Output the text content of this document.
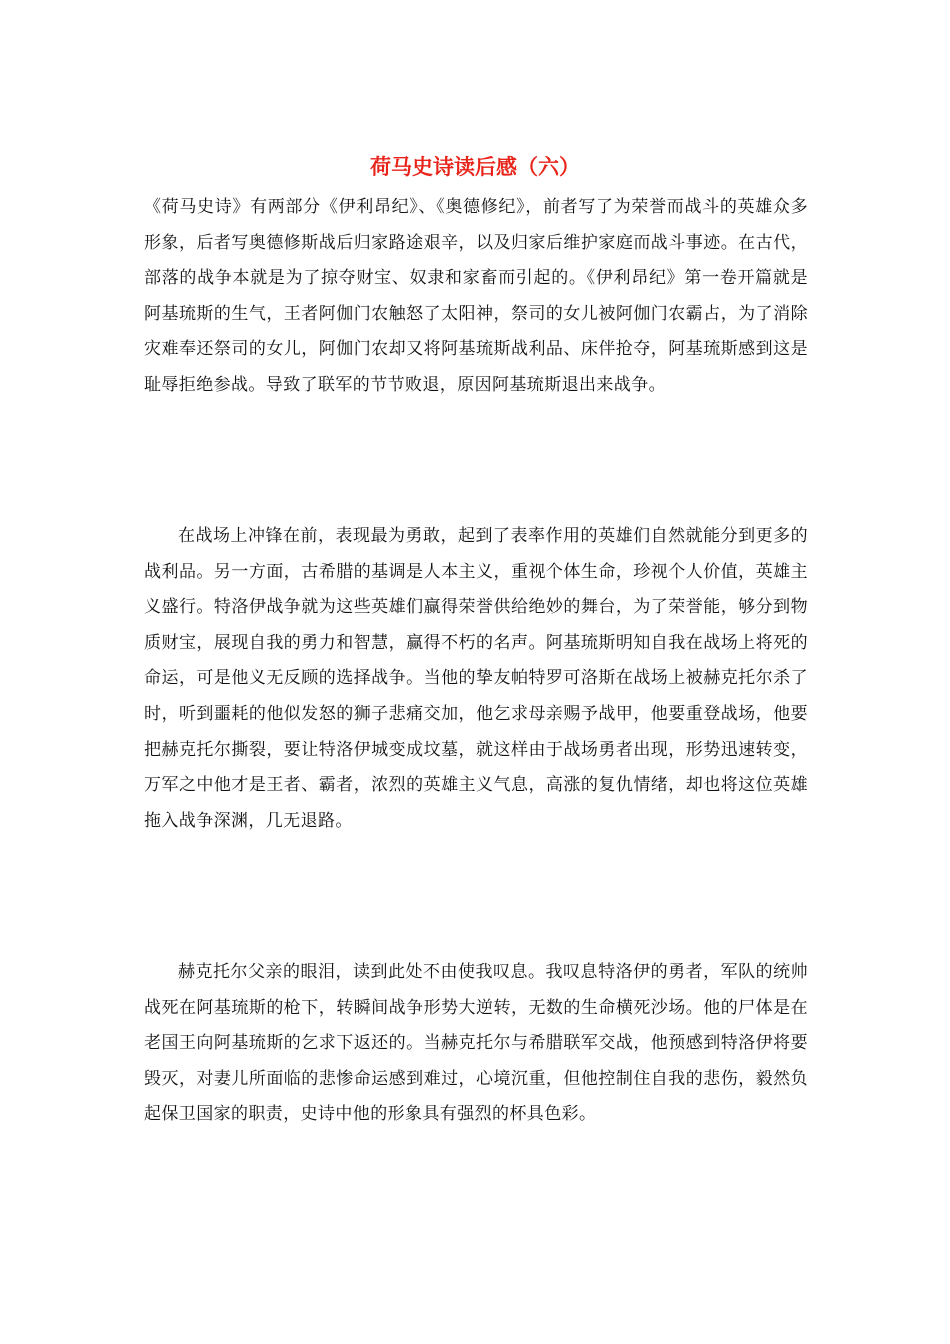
荷马史诗读后感（六）

《荷马史诗》有两部分《伊利昂纪》、《奥德修纪》，前者写了为荣誉而战斗的英雄众多形象，后者写奥德修斯战后归家路途艰辛，以及归家后维护家庭而战斗事迹。在古代，部落的战争本就是为了掠夺财宝、奴隶和家畜而引起的。《伊利昂纪》第一卷开篇就是阿基琉斯的生气，王者阿伽门农触怒了太阳神，祭司的女儿被阿伽门农霸占，为了消除灾难奉还祭司的女儿，阿伽门农却又将阿基琉斯战利品、床伴抢夺，阿基琉斯感到这是耻辱拒绝参战。导致了联军的节节败退，原因阿基琉斯退出来战争。

在战场上冲锋在前，表现最为勇敢，起到了表率作用的英雄们自然就能分到更多的战利品。另一方面，古希腊的基调是人本主义，重视个体生命，珍视个人价值，英雄主义盛行。特洛伊战争就为这些英雄们赢得荣誉供给绝妙的舞台，为了荣誉能，够分到物质财宝，展现自我的勇力和智慧，赢得不朽的名声。阿基琉斯明知自我在战场上将死的命运，可是他义无反顾的选择战争。当他的挚友帕特罗可洛斯在战场上被赫克托尔杀了时，听到噩耗的他似发怒的狮子悲痛交加，他乞求母亲赐予战甲，他要重登战场，他要把赫克托尔撕裂，要让特洛伊城变成坟墓，就这样由于战场勇者出现，形势迅速转变，万军之中他才是王者、霸者，浓烈的英雄主义气息，高涨的复仇情绪，却也将这位英雄拖入战争深渊，几无退路。

赫克托尔父亲的眼泪，读到此处不由使我叹息。我叹息特洛伊的勇者，军队的统帅战死在阿基琉斯的枪下，转瞬间战争形势大逆转，无数的生命横死沙场。他的尸体是在老国王向阿基琉斯的乞求下返还的。当赫克托尔与希腊联军交战，他预感到特洛伊将要毁灭，对妻儿所面临的悲惨命运感到难过，心境沉重，但他控制住自我的悲伤，毅然负起保卫国家的职责，史诗中他的形象具有强烈的杯具色彩。
